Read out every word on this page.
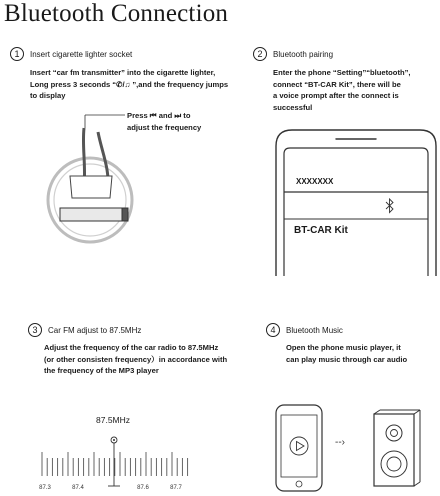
Bluetooth Connection
1	Insert cigarette lighter socket
Insert “car fm transmitter” into the cigarette lighter,
Long press 3 seconds “✆/♫ ”,and the frequency jumps
to display
Press ⏮ and ⏭ to
adjust the frequency
2	Bluetooth pairing
Enter the phone “Setting”“bluetooth”,
connect “BT-CAR Kit”, there will be
a voice prompt after the connect is
successful
XXXXXXX
BT-CAR Kit
3	Car FM adjust to 87.5MHz
Adjust the frequency of the car radio to 87.5MHz
(or other consisten frequency）in accordance with
the frequency of the MP3 player
87.5MHz
87.3	87.4	87.6	87.7
4	Bluetooth Music
Open the phone music player, it
can play music through car audio
--›
